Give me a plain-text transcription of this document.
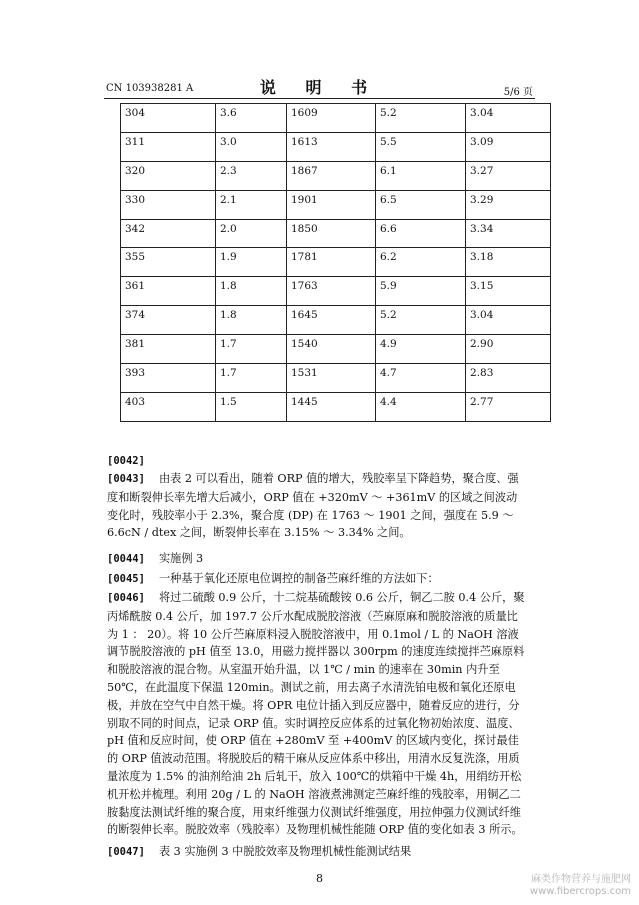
CN 103938281 A	说 明 书	5/6 页
304	3.6	1609	5.2	3.04
311	3.0	1613	5.5	3.09
320	2.3	1867	6.1	3.27
330	2.1	1901	6.5	3.29
342	2.0	1850	6.6	3.34
355	1.9	1781	6.2	3.18
361	1.8	1763	5.9	3.15
374	1.8	1645	5.2	3.04
381	1.7	1540	4.9	2.90
393	1.7	1531	4.7	2.83
403	1.5	1445	4.4	2.77
[0042]
[0043] 由表 2 可以看出，随着 ORP 值的增大，残胶率呈下降趋势，聚合度、强度和断裂伸长率先增大后减小，ORP 值在 +320mV ～ +361mV 的区域之间波动变化时，残胶率小于 2.3%，聚合度 (DP) 在 1763 ～ 1901 之间，强度在 5.9 ～ 6.6cN / dtex 之间，断裂伸长率在 3.15% ～ 3.34% 之间。
[0044] 实施例 3
[0045] 一种基于氧化还原电位调控的制备苎麻纤维的方法如下：
[0046] 将过二硫酸 0.9 公斤，十二烷基硫酸铵 0.6 公斤，铜乙二胺 0.4 公斤，聚丙烯酰胺 0.4 公斤，加 197.7 公斤水配成脱胶溶液（苎麻原麻和脱胶溶液的质量比为 1 ： 20）。将 10 公斤苎麻原料浸入脱胶溶液中，用 0.1mol / L 的 NaOH 溶液调节脱胶溶液的 pH 值至 13.0，用磁力搅拌器以 300rpm 的速度连续搅拌苎麻原料和脱胶溶液的混合物。从室温开始升温，以 1℃ / min 的速率在 30min 内升至 50℃，在此温度下保温 120min。测试之前，用去离子水清洗铂电极和氧化还原电极，并放在空气中自然干燥。将 OPR 电位计插入到反应器中，随着反应的进行，分别取不同的时间点，记录 ORP 值。实时调控反应体系的过氧化物初始浓度、温度、pH 值和反应时间，使 ORP 值在 +280mV 至 +400mV 的区域内变化，探讨最佳的 ORP 值波动范围。将脱胶后的精干麻从反应体系中移出，用清水反复洗涤，用质量浓度为 1.5% 的油剂给油 2h 后轧干，放入 100℃的烘箱中干燥 4h，用绢纺开松机开松并梳理。利用 20g / L 的 NaOH 溶液煮沸测定苎麻纤维的残胶率，用铜乙二胺黏度法测试纤维的聚合度，用束纤维强力仪测试纤维强度，用拉伸强力仪测试纤维的断裂伸长率。脱胶效率（残胶率）及物理机械性能随 ORP 值的变化如表 3 所示。
[0047] 表 3 实施例 3 中脱胶效率及物理机械性能测试结果
8	麻类作物营养与施肥网
www.fibercrops.com
